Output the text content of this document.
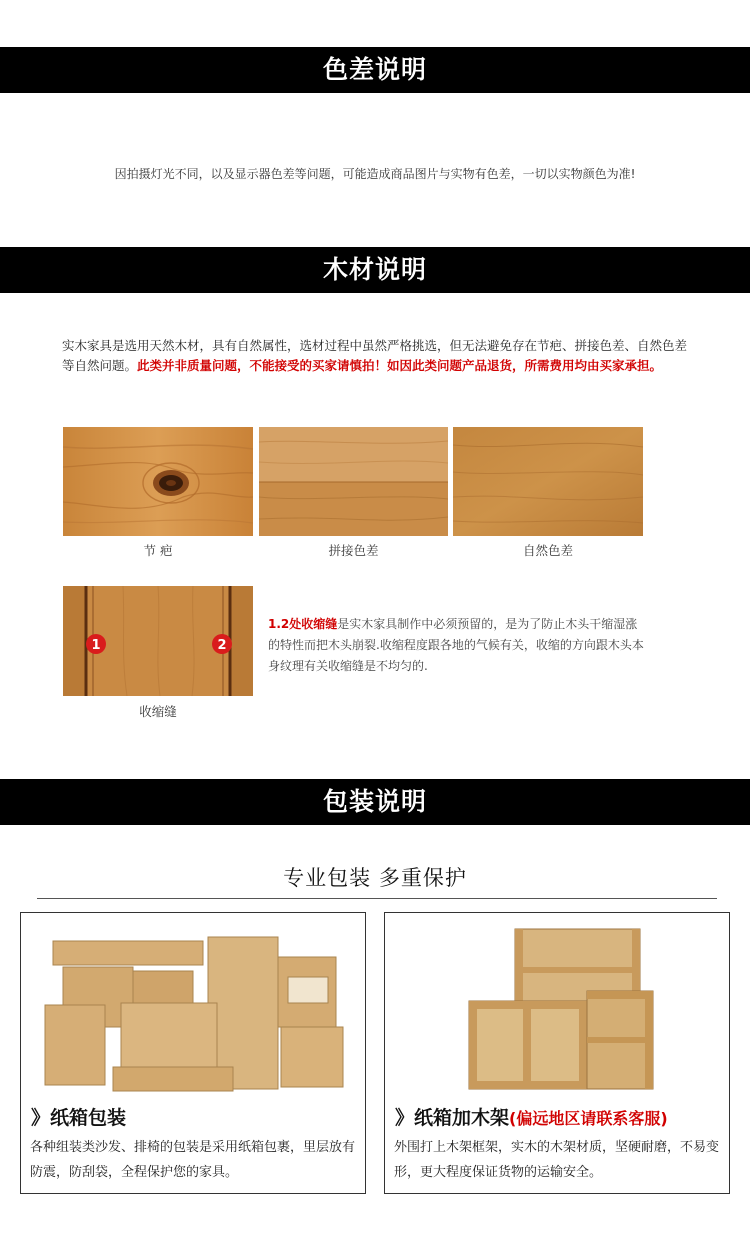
色差说明
因拍摄灯光不同，以及显示器色差等问题，可能造成商品图片与实物有色差，一切以实物颜色为准!
木材说明
实木家具是选用天然木材，具有自然属性，选材过程中虽然严格挑选，但无法避免存在节疤、拼接色差、自然色差等自然问题。此类并非质量问题，不能接受的买家请慎拍！如因此类问题产品退货，所需费用均由买家承担。
节 疤	拼接色差	自然色差
1	2
收缩缝
1.2处收缩缝是实木家具制作中必须预留的，是为了防止木头干缩湿涨的特性而把木头崩裂.收缩程度跟各地的气候有关，收缩的方向跟木头本身纹理有关收缩缝是不均匀的.
包装说明
专业包装 多重保护
》纸箱包装
各种组装类沙发、排椅的包装是采用纸箱包裹，里层放有防震，防刮袋，全程保护您的家具。
》纸箱加木架(偏远地区请联系客服)
外围打上木架框架，实木的木架材质，坚硬耐磨，不易变形，更大程度保证货物的运输安全。
